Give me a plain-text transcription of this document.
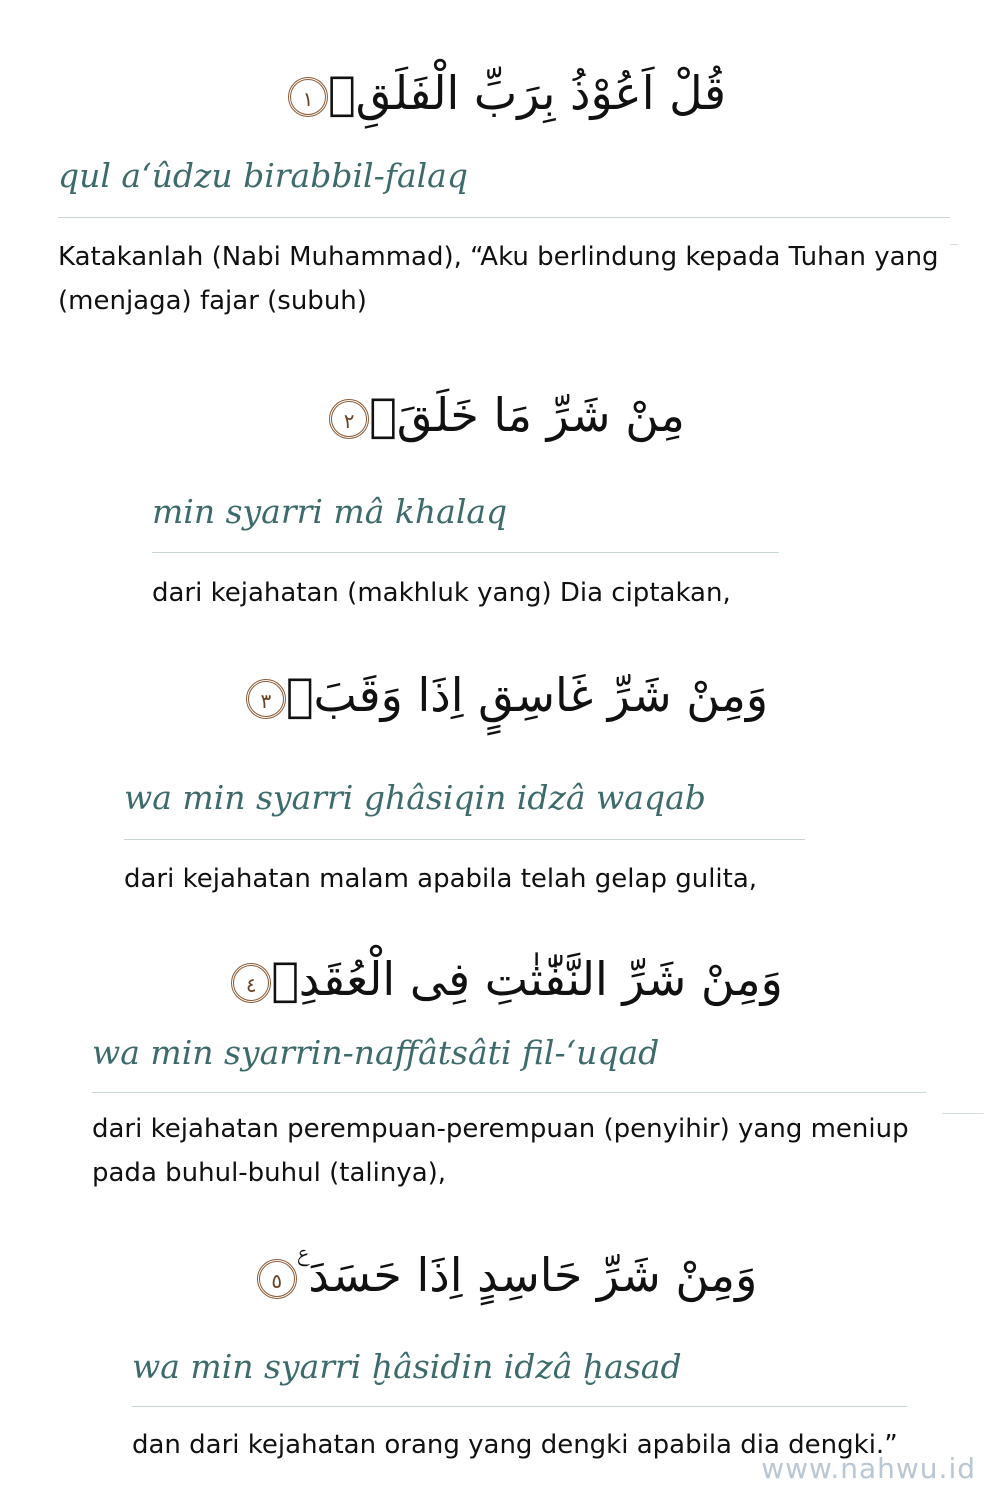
قُلْ اَعُوْذُ بِرَبِّ الْفَلَقِۙ١
qul a‘ûdzu birabbil-falaq
Katakanlah (Nabi Muhammad), “Aku berlindung kepada Tuhan yang (menjaga) fajar (subuh)
مِنْ شَرِّ مَا خَلَقَۙ٢
min syarri mâ khalaq
dari kejahatan (makhluk yang) Dia ciptakan,
وَمِنْ شَرِّ غَاسِقٍ اِذَا وَقَبَۙ٣
wa min syarri ghâsiqin idzâ waqab
dari kejahatan malam apabila telah gelap gulita,
وَمِنْ شَرِّ النَّفّٰثٰتِ فِى الْعُقَدِۙ٤
wa min syarrin-naffâtsâti fil-‘uqad
dari kejahatan perempuan-perempuan (penyihir) yang meniup pada buhul-buhul (talinya),
وَمِنْ شَرِّ حَاسِدٍ اِذَا حَسَدَ ࣖ٥
wa min syarri ḫâsidin idzâ ḫasad
dan dari kejahatan orang yang dengki apabila dia dengki.”
www.nahwu.id
